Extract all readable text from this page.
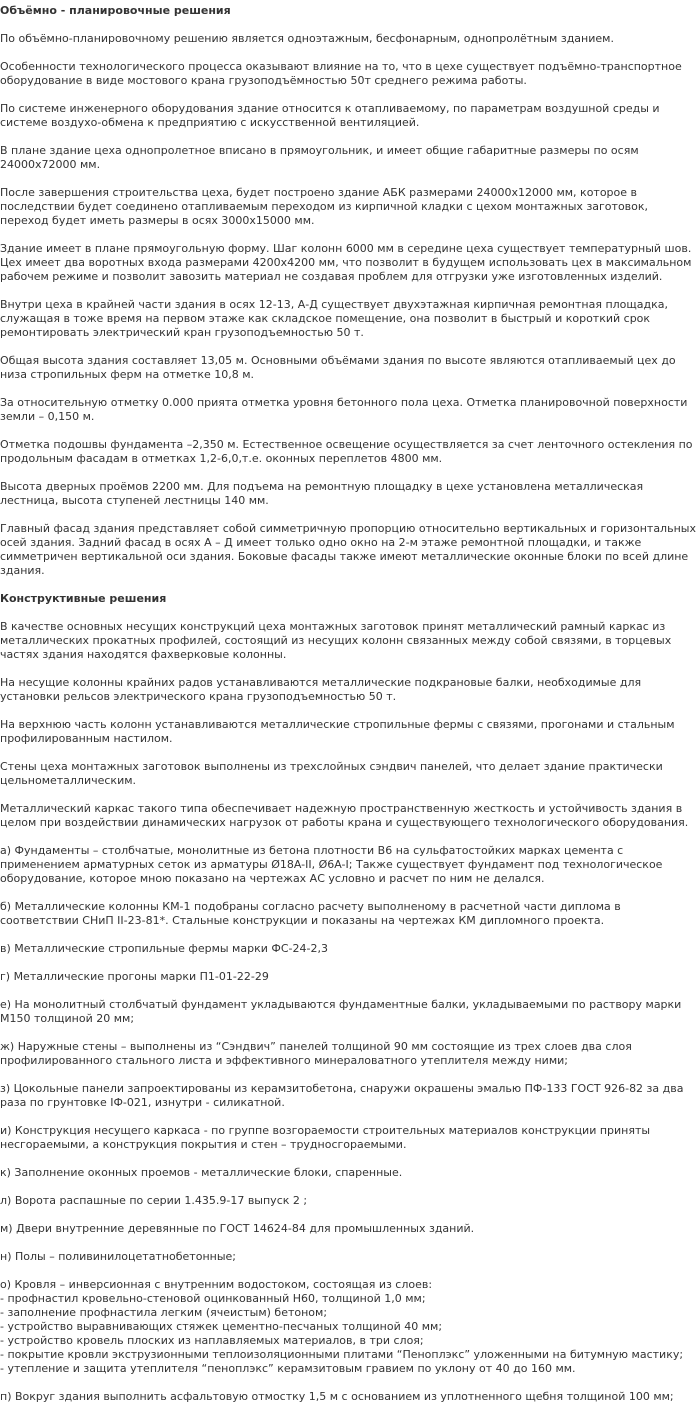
Объёмно - планировочные решения

По объёмно-планировочному решению является одноэтажным, бесфонарным, однопролётным зданием.

Особенности технологического процесса оказывают влияние на то, что в цехе существует подъёмно-транспортное оборудование в виде мостового крана грузоподъёмностью 50т среднего режима работы.

По системе инженерного оборудования здание относится к отапливаемому, по параметрам воздушной среды и системе воздухо-обмена к предприятию с искусственной вентиляцией.

В плане здание цеха однопролетное вписано в прямоугольник, и имеет общие габаритные размеры по осям 24000х72000 мм.

После завершения строительства цеха, будет построено здание АБК размерами 24000х12000 мм, которое в последствии будет соединено отапливаемым переходом из кирпичной кладки с цехом монтажных заготовок, переход будет иметь размеры в осях 3000х15000 мм.

Здание имеет в плане прямоугольную форму. Шаг колонн 6000 мм в середине цеха существует температурный шов. Цех имеет два воротных входа размерами 4200х4200 мм, что позволит в будущем использовать цех в максимальном рабочем режиме и позволит завозить материал не создавая проблем для отгрузки уже изготовленных изделий.

Внутри цеха в крайней части здания в осях 12-13, А-Д существует двухэтажная кирпичная ремонтная площадка, служащая в тоже время на первом этаже как складское помещение, она позволит в быстрый и короткий срок ремонтировать электрический кран грузоподъемностью 50 т.

Общая высота здания составляет 13,05 м. Основными объёмами здания по высоте являются отапливаемый цех до низа стропильных ферм на отметке 10,8 м.

За относительную отметку 0.000 прията отметка уровня бетонного пола цеха. Отметка планировочной поверхности земли – 0,150 м.

Отметка подошвы фундамента –2,350 м. Естественное освещение осуществляется за счет ленточного остекления по продольным фасадам в отметках 1,2-6,0,т.е. оконных переплетов 4800 мм.

Высота дверных проёмов 2200 мм. Для подъема на ремонтную площадку в цехе установлена металлическая лестница, высота ступеней лестницы 140 мм.

Главный фасад здания представляет собой симметричную пропорцию относительно вертикальных и горизонтальных осей здания. Задний фасад в осях А – Д имеет только одно окно на 2-м этаже ремонтной площадки, и также симметричен вертикальной оси здания. Боковые фасады также имеют металлические оконные блоки по всей длине здания.

Конструктивные решения

В качестве основных несущих конструкций цеха монтажных заготовок принят металлический рамный каркас из металлических прокатных профилей, состоящий из несущих колонн связанных между собой связями, в торцевых частях здания находятся фахверковые колонны.

На несущие колонны крайних радов устанавливаются металлические подкрановые балки, необходимые для установки рельсов электрического крана грузоподъемностью 50 т.

На верхнюю часть колонн устанавливаются металлические стропильные фермы с связями, прогонами и стальным профилированным настилом.

Стены цеха монтажных заготовок выполнены из трехслойных сэндвич панелей, что делает здание практически цельнометаллическим.

Металлический каркас такого типа обеспечивает надежную пространственную жесткость и устойчивость здания в целом при воздействии динамических нагрузок от работы крана и существующего технологического оборудования.

а) Фундаменты – столбчатые, монолитные из бетона плотности В6 на сульфатостойких марках цемента с применением арматурных сеток из арматуры Ø18A-II, Ø6A-I; Также существует фундамент под технологическое оборудование, которое мною показано на чертежах АС условно и расчет по ним не делался.

б) Металлические колонны КМ-1 подобраны согласно расчету выполненому в расчетной части диплома в соответствии СНиП II-23-81*. Стальные конструкции и показаны на чертежах КМ дипломного проекта.

в) Металлические стропильные фермы марки ФС-24-2,3

г) Металлические прогоны марки П1-01-22-29

е) На монолитный столбчатый фундамент укладываются фундаментные балки, укладываемыми по раствору марки М150 толщиной 20 мм;

ж) Наружные стены – выполнены из “Сэндвич” панелей толщиной 90 мм состоящие из трех слоев два слоя профилированного стального листа и эффективного минераловатного утеплителя между ними;

з) Цокольные панели запроектированы из керамзитобетона, снаружи окрашены эмалью ПФ-133 ГОСТ 926-82 за два раза по грунтовке IФ-021, изнутри - силикатной.

и) Конструкция несущего каркаса - по группе возгораемости строительных материалов конструкции приняты несгораемыми, а конструкция покрытия и стен – трудносгораемыми.

к) Заполнение оконных проемов - металлические блоки, спаренные.

л) Ворота распашные по серии 1.435.9-17 выпуск 2 ;

м) Двери внутренние деревянные по ГОСТ 14624-84 для промышленных зданий.

н) Полы – поливинилоцетатнобетонные;

о) Кровля – инверсионная с внутренним водостоком, состоящая из слоев:
- профнастил кровельно-стеновой оцинкованный Н60, толщиной 1,0 мм;
- заполнение профнастила легким (ячеистым) бетоном;
- устройство выравнивающих стяжек цементно-песчаных толщиной 40 мм;
- устройство кровель плоских из наплавляемых материалов, в три слоя;
- покрытие кровли экструзионными теплоизоляционными плитами “Пеноплэкс” уложенными на битумную мастику;
- утепление и защита утеплителя “пеноплэкс” керамзитовым гравием по уклону от 40 до 160 мм.

п) Вокруг здания выполнить асфальтовую отмостку 1,5 м с основанием из уплотненного щебня толщиной 100 мм;
